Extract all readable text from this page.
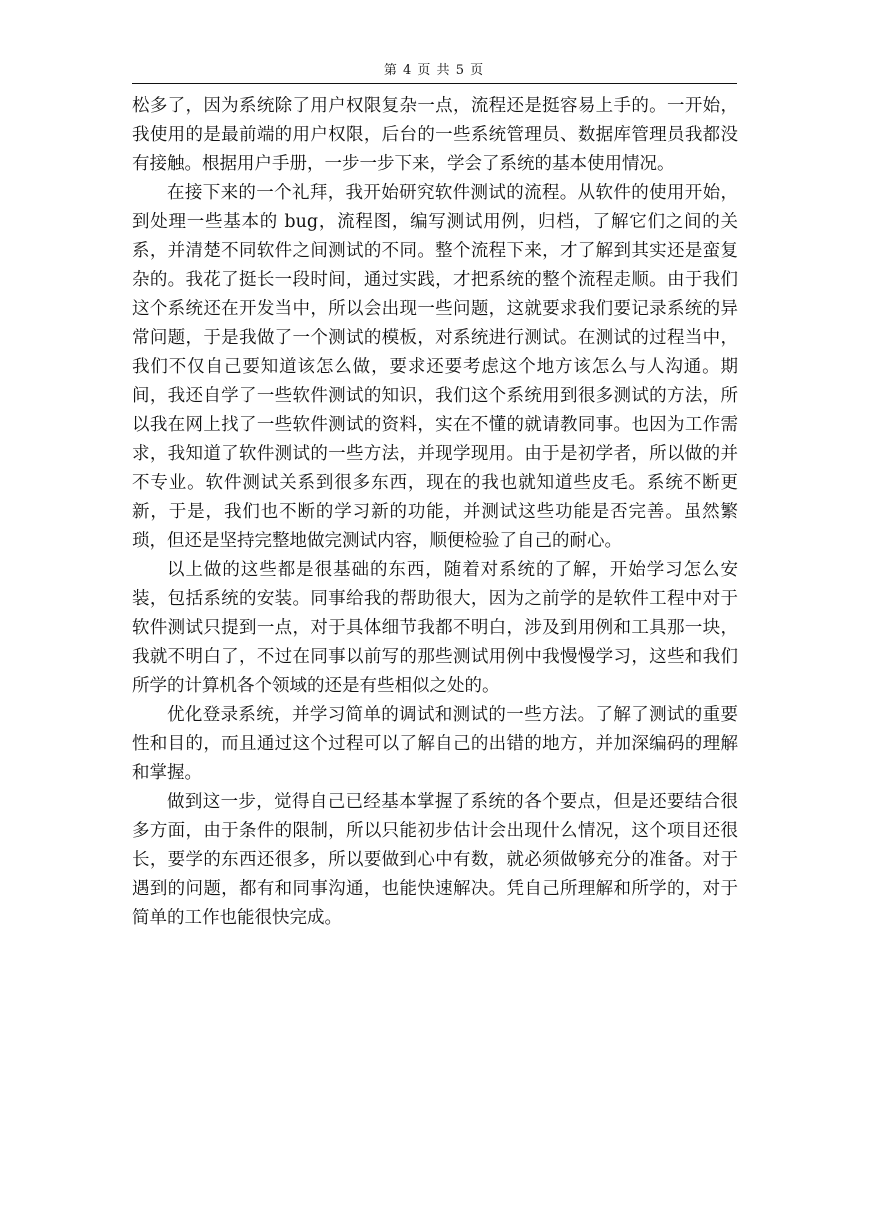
第 4 页 共 5 页

松多了，因为系统除了用户权限复杂一点，流程还是挺容易上手的。一开始，我使用的是最前端的用户权限，后台的一些系统管理员、数据库管理员我都没有接触。根据用户手册，一步一步下来，学会了系统的基本使用情况。

在接下来的一个礼拜，我开始研究软件测试的流程。从软件的使用开始，到处理一些基本的 bug，流程图，编写测试用例，归档，了解它们之间的关系，并清楚不同软件之间测试的不同。整个流程下来，才了解到其实还是蛮复杂的。我花了挺长一段时间，通过实践，才把系统的整个流程走顺。由于我们这个系统还在开发当中，所以会出现一些问题，这就要求我们要记录系统的异常问题，于是我做了一个测试的模板，对系统进行测试。在测试的过程当中，我们不仅自己要知道该怎么做，要求还要考虑这个地方该怎么与人沟通。期间，我还自学了一些软件测试的知识，我们这个系统用到很多测试的方法，所以我在网上找了一些软件测试的资料，实在不懂的就请教同事。也因为工作需求，我知道了软件测试的一些方法，并现学现用。由于是初学者，所以做的并不专业。软件测试关系到很多东西，现在的我也就知道些皮毛。系统不断更新，于是，我们也不断的学习新的功能，并测试这些功能是否完善。虽然繁琐，但还是坚持完整地做完测试内容，顺便检验了自己的耐心。

以上做的这些都是很基础的东西，随着对系统的了解，开始学习怎么安装，包括系统的安装。同事给我的帮助很大，因为之前学的是软件工程中对于软件测试只提到一点，对于具体细节我都不明白，涉及到用例和工具那一块，我就不明白了，不过在同事以前写的那些测试用例中我慢慢学习，这些和我们所学的计算机各个领域的还是有些相似之处的。

优化登录系统，并学习简单的调试和测试的一些方法。了解了测试的重要性和目的，而且通过这个过程可以了解自己的出错的地方，并加深编码的理解和掌握。

做到这一步，觉得自己已经基本掌握了系统的各个要点，但是还要结合很多方面，由于条件的限制，所以只能初步估计会出现什么情况，这个项目还很长，要学的东西还很多，所以要做到心中有数，就必须做够充分的准备。对于遇到的问题，都有和同事沟通，也能快速解决。凭自己所理解和所学的，对于简单的工作也能很快完成。
